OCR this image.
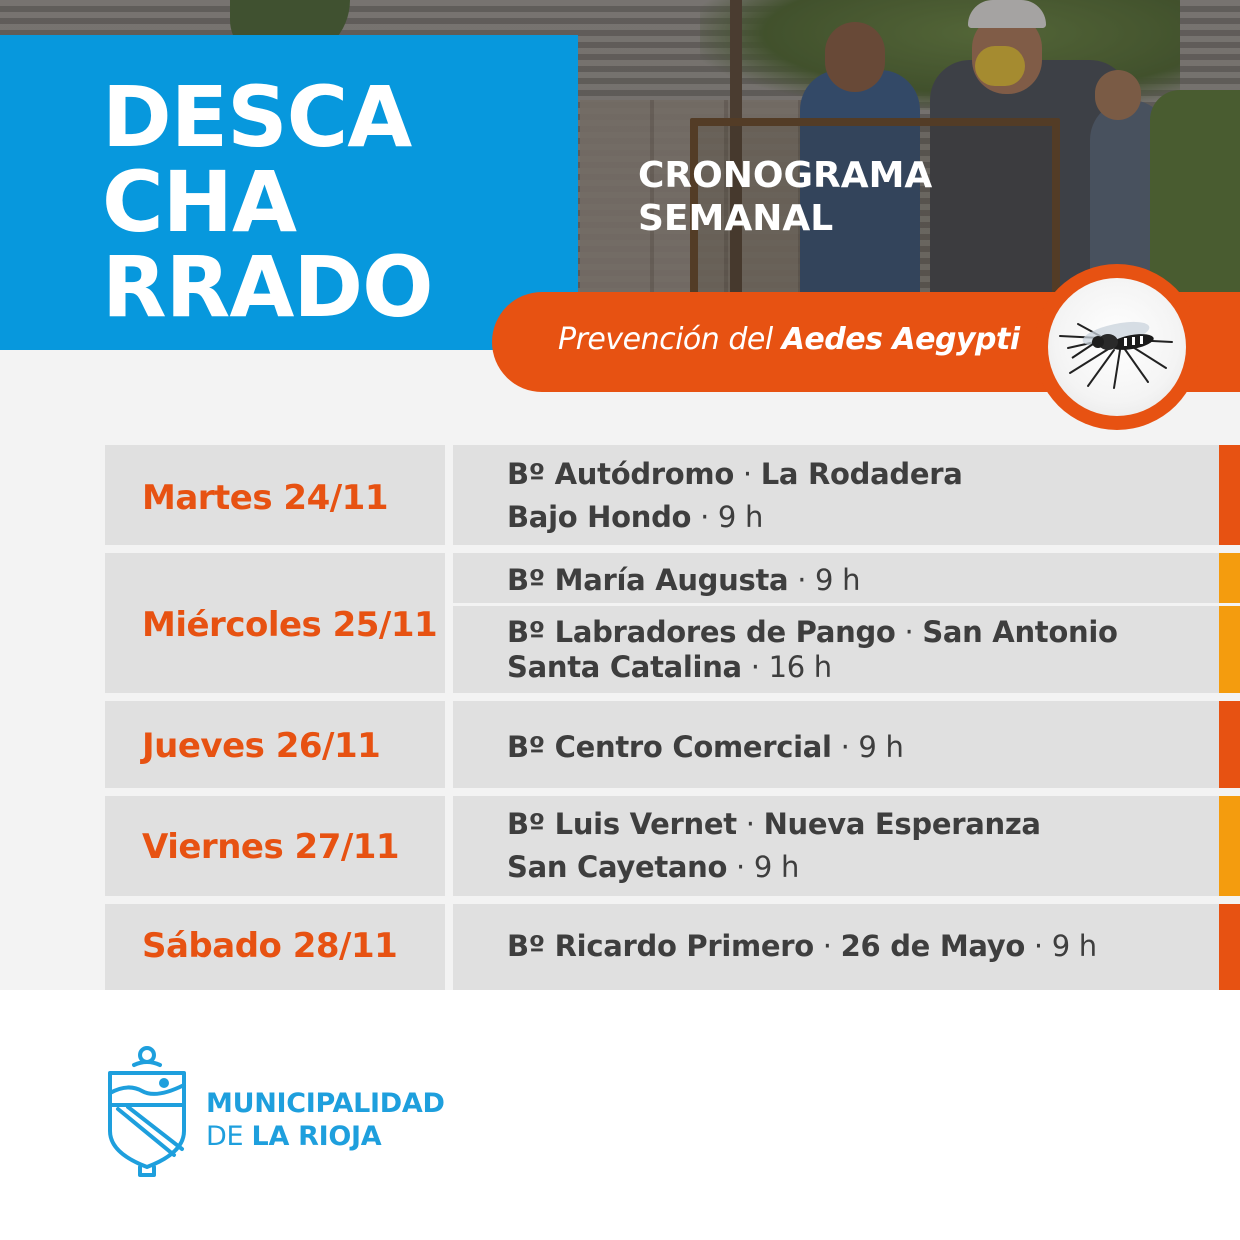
CRONOGRAMA
SEMANAL
DESCA
CHA
RRADO
Prevención del Aedes Aegypti
Martes 24/11
Bº Autódromo · La Rodadera
Bajo Hondo · 9 h
Miércoles 25/11
Bº María Augusta · 9 h
Bº Labradores de Pango · San Antonio
Santa Catalina · 16 h
Jueves 26/11	Bº Centro Comercial · 9 h
Viernes 27/11
Bº Luis Vernet · Nueva Esperanza
San Cayetano · 9 h
Sábado 28/11	Bº Ricardo Primero · 26 de Mayo · 9 h
MUNICIPALIDAD
DE LA RIOJA
